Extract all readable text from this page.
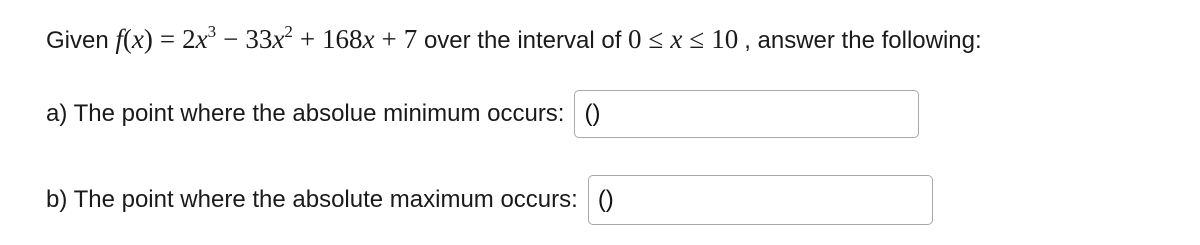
Given $f(x) = 2x^3 - 33x^2 + 168x + 7$ over the interval of 0 ≤ x ≤ 10 , answer the following:
a) The point where the absolue minimum occurs: ()
b) The point where the absolute maximum occurs: ()
